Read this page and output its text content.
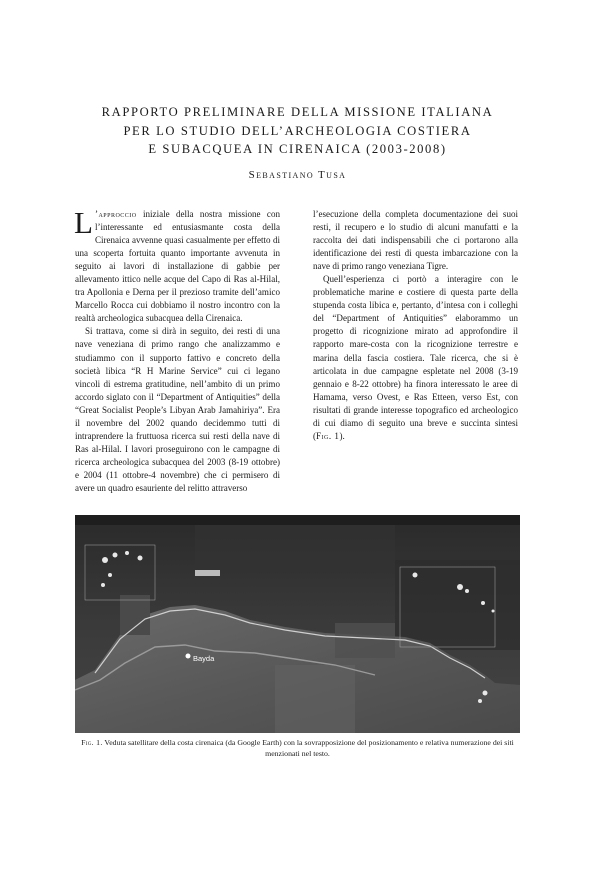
RAPPORTO PRELIMINARE DELLA MISSIONE ITALIANA
PER LO STUDIO DELL’ARCHEOLOGIA COSTIERA
E SUBACQUEA IN CIRENAICA (2003-2008)
Sebastiano Tusa

L ’approccio iniziale della nostra missione con l’interessante ed entusiasmante costa della Cirenaica avvenne quasi casualmente per effetto di una scoperta fortuita quanto importante avvenuta in seguito ai lavori di installazione di gabbie per allevamento ittico nelle acque del Capo di Ras al-Hilal, tra Apollonia e Derna per il prezioso tramite dell’amico Marcello Rocca cui dobbiamo il nostro incontro con la realtà archeologica subacquea della Cirenaica.

Si trattava, come si dirà in seguito, dei resti di una nave veneziana di primo rango che analizzammo e studiammo con il supporto fattivo e concreto della società libica “R H Marine Service” cui ci legano vincoli di estrema gratitudine, nell’ambito di un primo accordo siglato con il “Department of Antiquities” della “Great Socialist People’s Libyan Arab Jamahiriya”. Era il novembre del 2002 quando decidemmo tutti di intraprendere la fruttuosa ricerca sui resti della nave di Ras al-Hilal. I lavori proseguirono con le campagne di ricerca archeologica subacquea del 2003 (8-19 ottobre) e 2004 (11 ottobre-4 novembre) che ci permisero di avere un quadro esauriente del relitto attraverso

l’esecuzione della completa documentazione dei suoi resti, il recupero e lo studio di alcuni manufatti e la raccolta dei dati indispensabili che ci portarono alla identificazione dei resti di questa imbarcazione con la nave di primo rango veneziana Tigre.

Quell’esperienza ci portò a interagire con le problematiche marine e costiere di questa parte della stupenda costa libica e, pertanto, d’intesa con i colleghi del “Department of Antiquities” elaborammo un progetto di ricognizione mirato ad approfondire il rapporto mare-costa con la ricognizione terrestre e marina della fascia costiera. Tale ricerca, che si è articolata in due campagne espletate nel 2008 (3-19 gennaio e 8-22 ottobre) ha finora interessato le aree di Hamama, verso Ovest, e Ras Etteen, verso Est, con risultati di grande interesse topografico ed archeologico di cui diamo di seguito una breve e succinta sintesi (Fig. 1).

Bayda
Fig. 1. Veduta satellitare della costa cirenaica (da Google Earth) con la sovrapposizione del posizionamento e relativa numerazione dei siti menzionati nel testo.
